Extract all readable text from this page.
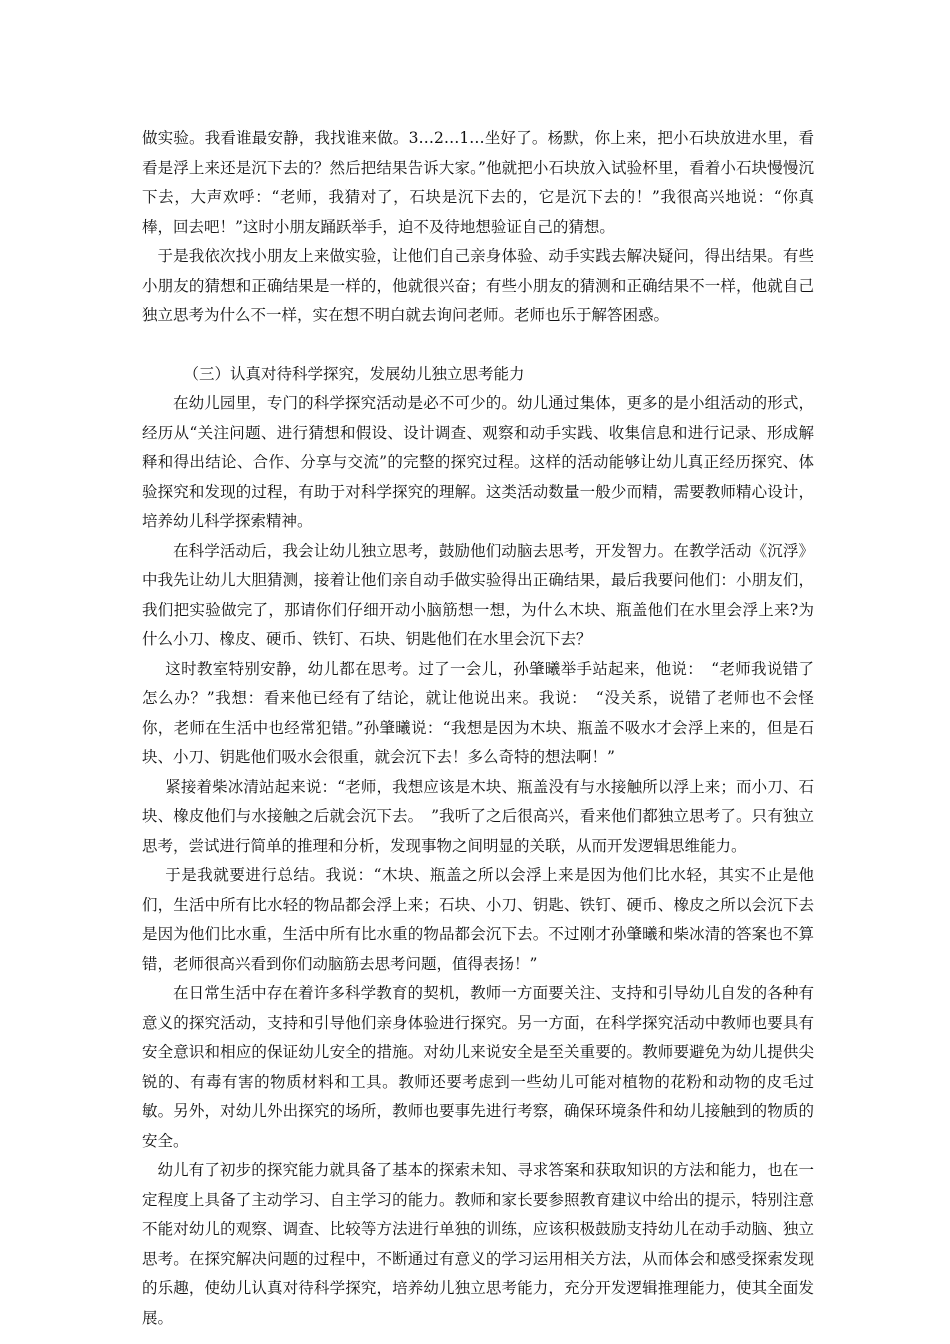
做实验。我看谁最安静，我找谁来做。3…2…1…坐好了。杨默，你上来，把小石块放进水里，看看是浮上来还是沉下去的？然后把结果告诉大家。”他就把小石块放入试验杯里，看着小石块慢慢沉下去，大声欢呼：“老师，我猜对了，石块是沉下去的，它是沉下去的！”我很高兴地说：“你真棒，回去吧！”这时小朋友踊跃举手，迫不及待地想验证自己的猜想。

于是我依次找小朋友上来做实验，让他们自己亲身体验、动手实践去解决疑问，得出结果。有些小朋友的猜想和正确结果是一样的，他就很兴奋；有些小朋友的猜测和正确结果不一样，他就自己独立思考为什么不一样，实在想不明白就去询问老师。老师也乐于解答困惑。

（三）认真对待科学探究，发展幼儿独立思考能力

在幼儿园里，专门的科学探究活动是必不可少的。幼儿通过集体，更多的是小组活动的形式，经历从“关注问题、进行猜想和假设、设计调查、观察和动手实践、收集信息和进行记录、形成解释和得出结论、合作、分享与交流”的完整的探究过程。这样的活动能够让幼儿真正经历探究、体验探究和发现的过程，有助于对科学探究的理解。这类活动数量一般少而精，需要教师精心设计，培养幼儿科学探索精神。

在科学活动后，我会让幼儿独立思考，鼓励他们动脑去思考，开发智力。在教学活动《沉浮》中我先让幼儿大胆猜测，接着让他们亲自动手做实验得出正确结果，最后我要问他们：小朋友们，我们把实验做完了，那请你们仔细开动小脑筋想一想，为什么木块、瓶盖他们在水里会浮上来?为什么小刀、橡皮、硬币、铁钉、石块、钥匙他们在水里会沉下去？

这时教室特别安静，幼儿都在思考。过了一会儿，孙肇曦举手站起来，他说：　“老师我说错了怎么办？”我想：看来他已经有了结论，就让他说出来。我说：　“没关系，说错了老师也不会怪你，老师在生活中也经常犯错。”孙肇曦说：“我想是因为木块、瓶盖不吸水才会浮上来的，但是石块、小刀、钥匙他们吸水会很重，就会沉下去！多么奇特的想法啊！”

紧接着柴冰清站起来说：“老师，我想应该是木块、瓶盖没有与水接触所以浮上来；而小刀、石块、橡皮他们与水接触之后就会沉下去。　”我听了之后很高兴，看来他们都独立思考了。只有独立思考，尝试进行简单的推理和分析，发现事物之间明显的关联，从而开发逻辑思维能力。

于是我就要进行总结。我说：“木块、瓶盖之所以会浮上来是因为他们比水轻，其实不止是他们，生活中所有比水轻的物品都会浮上来；石块、小刀、钥匙、铁钉、硬币、橡皮之所以会沉下去是因为他们比水重，生活中所有比水重的物品都会沉下去。不过刚才孙肇曦和柴冰清的答案也不算错，老师很高兴看到你们动脑筋去思考问题，值得表扬！”

在日常生活中存在着许多科学教育的契机，教师一方面要关注、支持和引导幼儿自发的各种有意义的探究活动，支持和引导他们亲身体验进行探究。另一方面，在科学探究活动中教师也要具有安全意识和相应的保证幼儿安全的措施。对幼儿来说安全是至关重要的。教师要避免为幼儿提供尖锐的、有毒有害的物质材料和工具。教师还要考虑到一些幼儿可能对植物的花粉和动物的皮毛过敏。另外，对幼儿外出探究的场所，教师也要事先进行考察，确保环境条件和幼儿接触到的物质的安全。

幼儿有了初步的探究能力就具备了基本的探索未知、寻求答案和获取知识的方法和能力，也在一定程度上具备了主动学习、自主学习的能力。教师和家长要参照教育建议中给出的提示，特别注意不能对幼儿的观察、调查、比较等方法进行单独的训练，应该积极鼓励支持幼儿在动手动脑、独立思考。在探究解决问题的过程中，不断通过有意义的学习运用相关方法，从而体会和感受探索发现的乐趣，使幼儿认真对待科学探究，培养幼儿独立思考能力，充分开发逻辑推理能力，使其全面发展。
